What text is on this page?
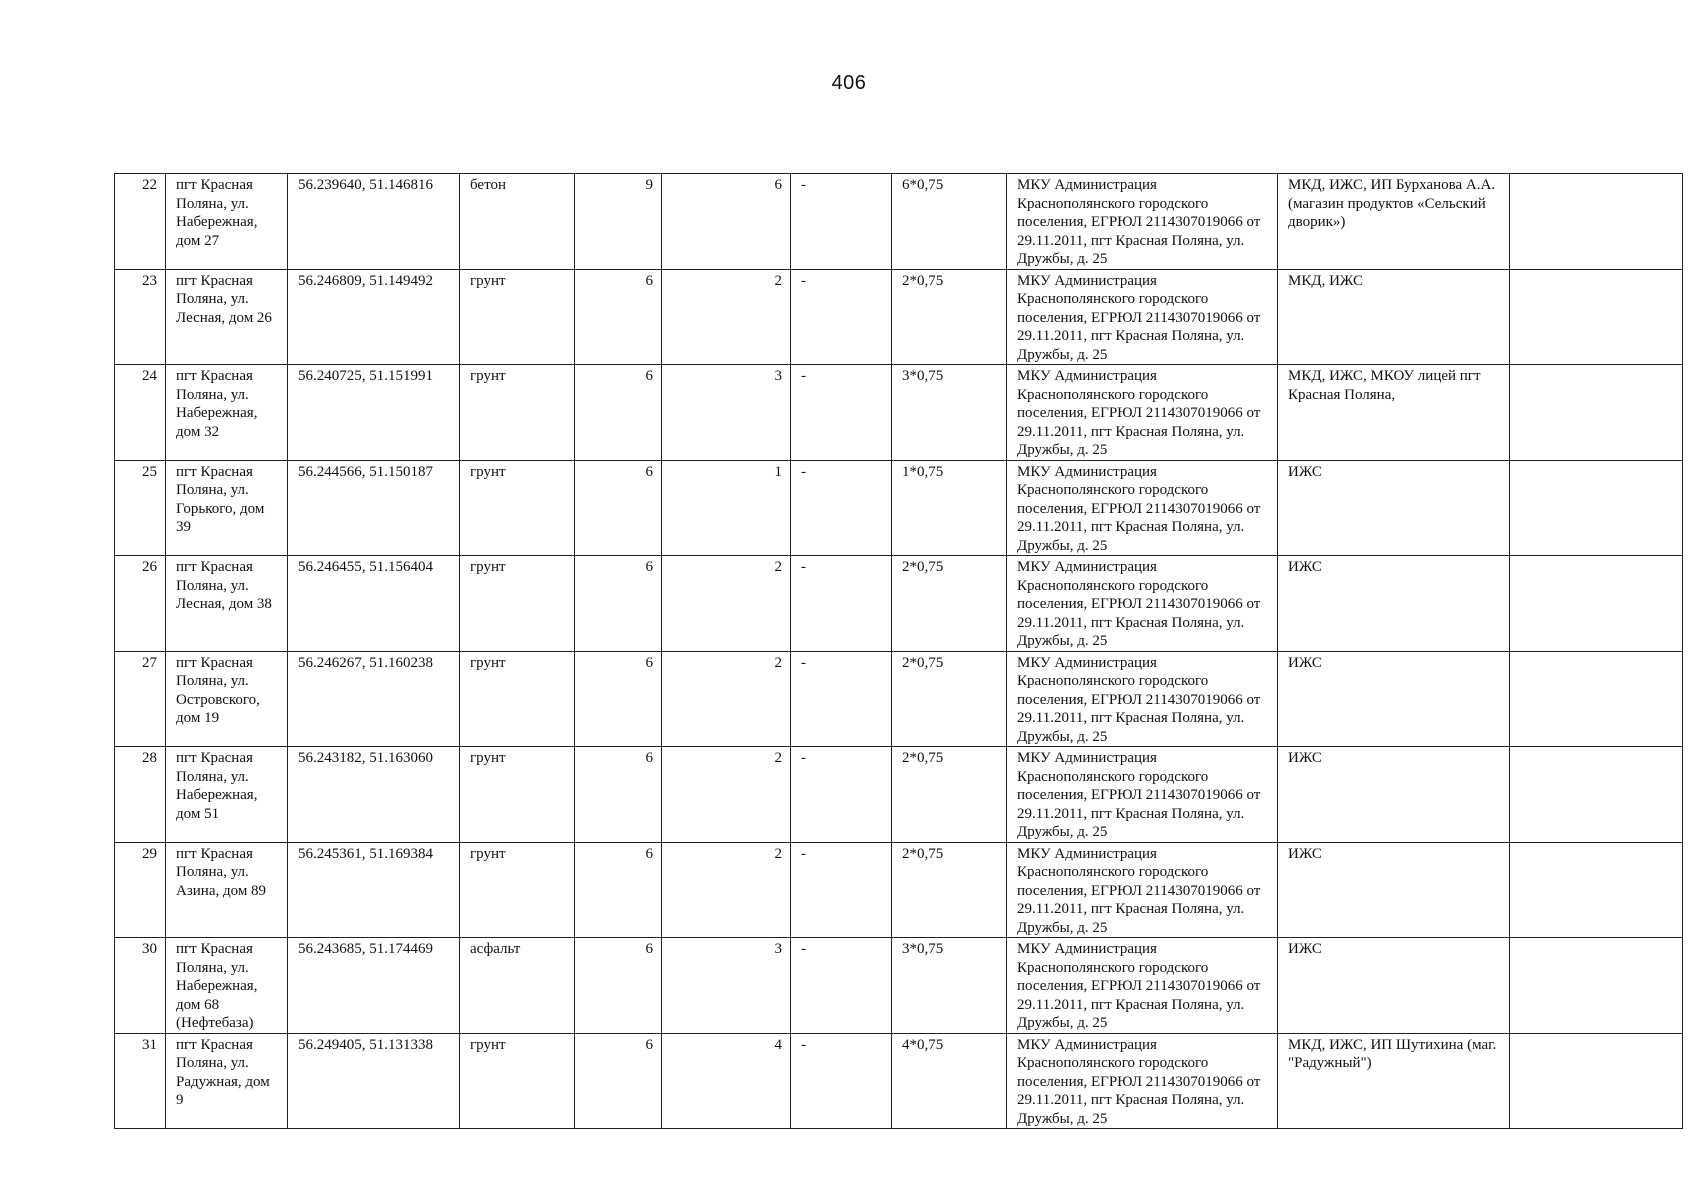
406
22	пгт Красная Поляна, ул. Набережная, дом 27	56.239640, 51.146816	бетон	9	6	-	6*0,75	МКУ Администрация Краснополянского городского поселения, ЕГРЮЛ 2114307019066 от 29.11.2011, пгт Красная Поляна, ул. Дружбы, д. 25	МКД, ИЖС, ИП Бурханова А.А. (магазин продуктов «Сельский дворик»)	
23	пгт Красная Поляна, ул. Лесная, дом 26	56.246809, 51.149492	грунт	6	2	-	2*0,75	МКУ Администрация Краснополянского городского поселения, ЕГРЮЛ 2114307019066 от 29.11.2011, пгт Красная Поляна, ул. Дружбы, д. 25	МКД, ИЖС	
24	пгт Красная Поляна, ул. Набережная, дом 32	56.240725, 51.151991	грунт	6	3	-	3*0,75	МКУ Администрация Краснополянского городского поселения, ЕГРЮЛ 2114307019066 от 29.11.2011, пгт Красная Поляна, ул. Дружбы, д. 25	МКД, ИЖС, МКОУ лицей пгт Красная Поляна,	
25	пгт Красная Поляна, ул. Горького, дом 39	56.244566, 51.150187	грунт	6	1	-	1*0,75	МКУ Администрация Краснополянского городского поселения, ЕГРЮЛ 2114307019066 от 29.11.2011, пгт Красная Поляна, ул. Дружбы, д. 25	ИЖС	
26	пгт Красная Поляна, ул. Лесная, дом 38	56.246455, 51.156404	грунт	6	2	-	2*0,75	МКУ Администрация Краснополянского городского поселения, ЕГРЮЛ 2114307019066 от 29.11.2011, пгт Красная Поляна, ул. Дружбы, д. 25	ИЖС	
27	пгт Красная Поляна, ул. Островского, дом 19	56.246267, 51.160238	грунт	6	2	-	2*0,75	МКУ Администрация Краснополянского городского поселения, ЕГРЮЛ 2114307019066 от 29.11.2011, пгт Красная Поляна, ул. Дружбы, д. 25	ИЖС	
28	пгт Красная Поляна, ул. Набережная, дом 51	56.243182, 51.163060	грунт	6	2	-	2*0,75	МКУ Администрация Краснополянского городского поселения, ЕГРЮЛ 2114307019066 от 29.11.2011, пгт Красная Поляна, ул. Дружбы, д. 25	ИЖС	
29	пгт Красная Поляна, ул. Азина, дом 89	56.245361, 51.169384	грунт	6	2	-	2*0,75	МКУ Администрация Краснополянского городского поселения, ЕГРЮЛ 2114307019066 от 29.11.2011, пгт Красная Поляна, ул. Дружбы, д. 25	ИЖС	
30	пгт Красная Поляна, ул. Набережная, дом 68 (Нефтебаза)	56.243685, 51.174469	асфальт	6	3	-	3*0,75	МКУ Администрация Краснополянского городского поселения, ЕГРЮЛ 2114307019066 от 29.11.2011, пгт Красная Поляна, ул. Дружбы, д. 25	ИЖС	
31	пгт Красная Поляна, ул. Радужная, дом 9	56.249405, 51.131338	грунт	6	4	-	4*0,75	МКУ Администрация Краснополянского городского поселения, ЕГРЮЛ 2114307019066 от 29.11.2011, пгт Красная Поляна, ул. Дружбы, д. 25	МКД, ИЖС, ИП Шутихина (маг. "Радужный")	
